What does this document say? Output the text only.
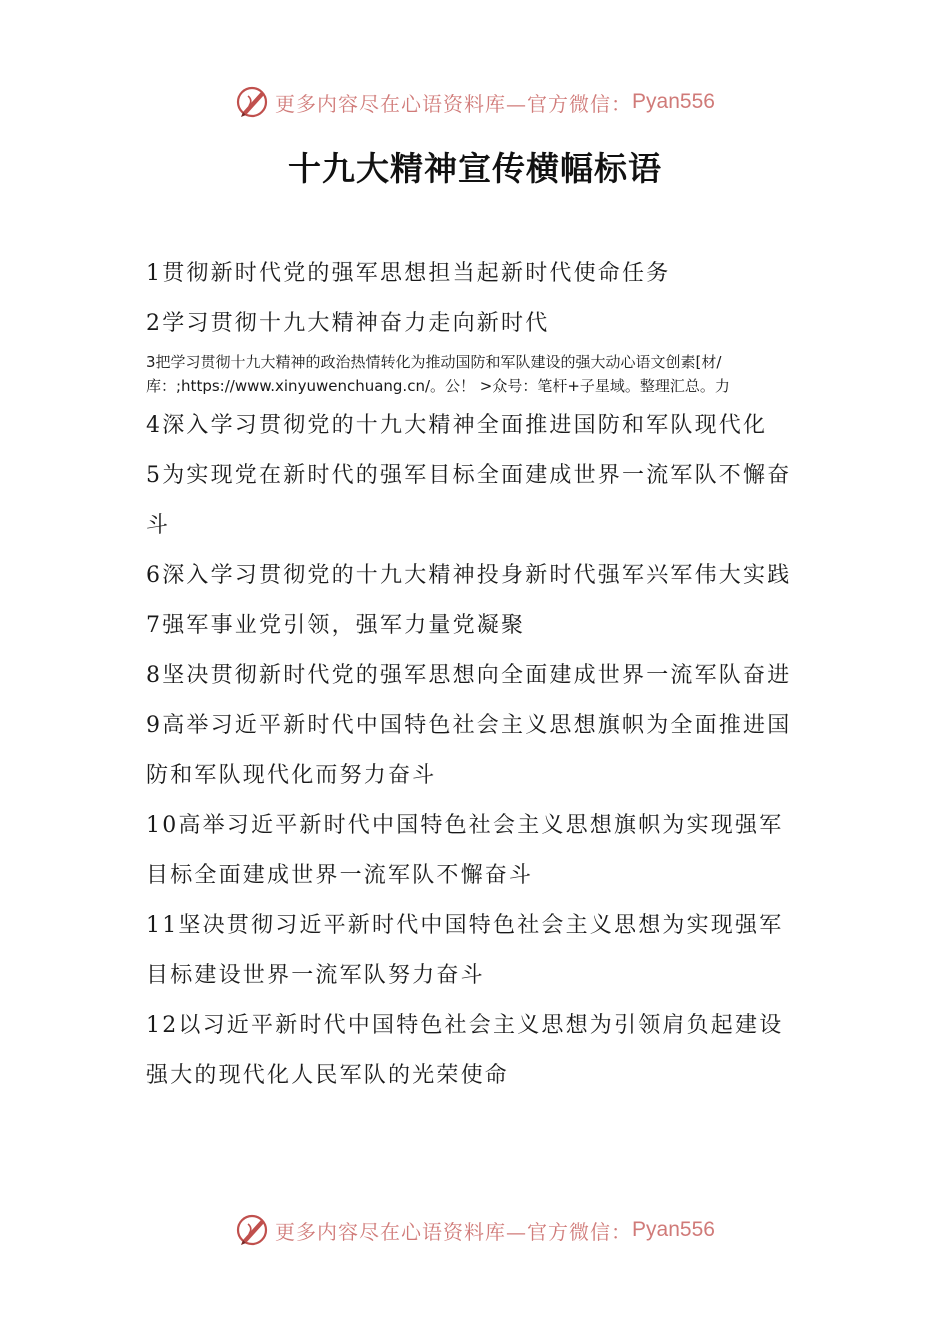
更多内容尽在心语资料库—官方微信： Pyan556
十九大精神宣传横幅标语

1贯彻新时代党的强军思想担当起新时代使命任务

2学习贯彻十九大精神奋力走向新时代

3把学习贯彻十九大精神的政治热情转化为推动国防和军队建设的强大动心语文创素[材/
库：;https://www.xinyuwenchuang.cn/。公！ >众号：笔杆+子星域。整理汇总。力

4深入学习贯彻党的十九大精神全面推进国防和军队现代化

5为实现党在新时代的强军目标全面建成世界一流军队不懈奋斗

6深入学习贯彻党的十九大精神投身新时代强军兴军伟大实践

7强军事业党引领，强军力量党凝聚

8坚决贯彻新时代党的强军思想向全面建成世界一流军队奋进

9高举习近平新时代中国特色社会主义思想旗帜为全面推进国防和军队现代化而努力奋斗

10高举习近平新时代中国特色社会主义思想旗帜为实现强军目标全面建成世界一流军队不懈奋斗

11坚决贯彻习近平新时代中国特色社会主义思想为实现强军目标建设世界一流军队努力奋斗

12以习近平新时代中国特色社会主义思想为引领肩负起建设强大的现代化人民军队的光荣使命

更多内容尽在心语资料库—官方微信： Pyan556
